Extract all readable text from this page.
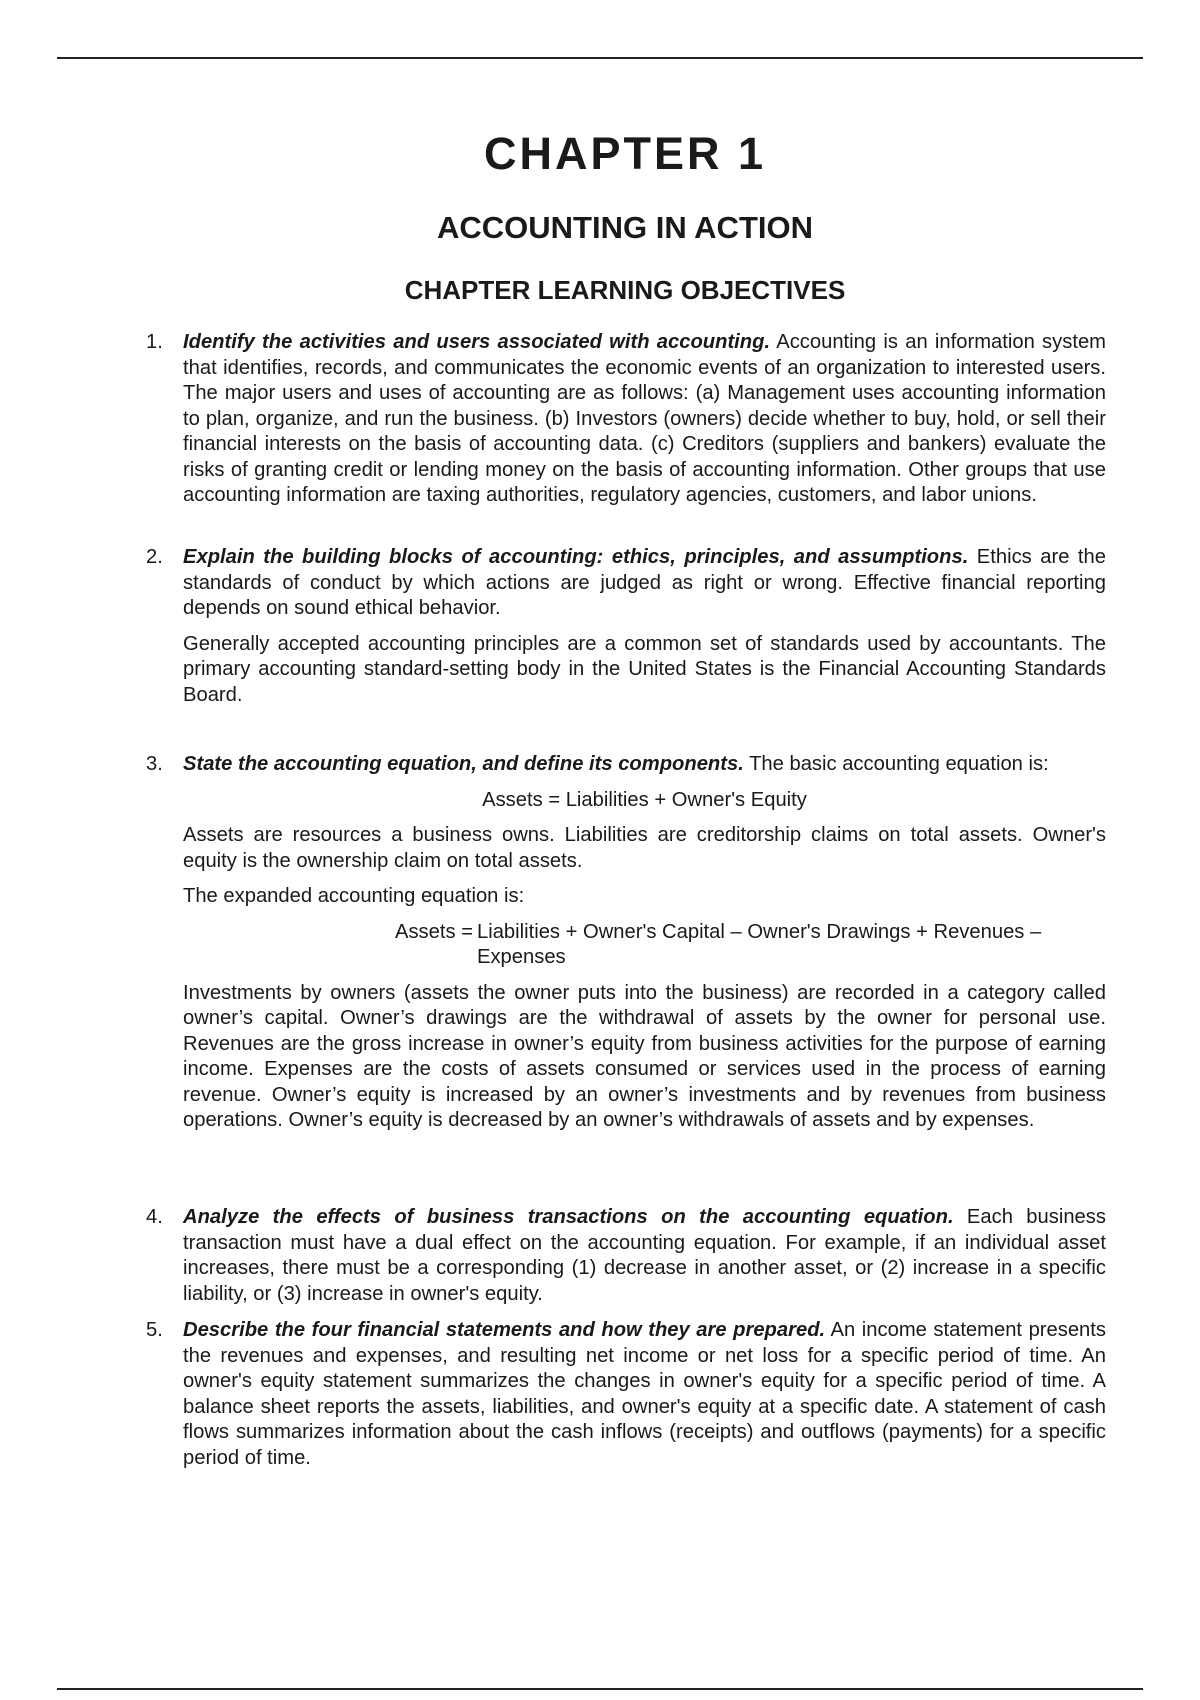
CHAPTER 1
ACCOUNTING IN ACTION
CHAPTER LEARNING OBJECTIVES
1. Identify the activities and users associated with accounting. Accounting is an information system that identifies, records, and communicates the economic events of an organization to interested users. The major users and uses of accounting are as follows: (a) Management uses accounting information to plan, organize, and run the business. (b) Investors (owners) decide whether to buy, hold, or sell their financial interests on the basis of accounting data. (c) Creditors (suppliers and bankers) evaluate the risks of granting credit or lending money on the basis of accounting information. Other groups that use accounting information are taxing authorities, regulatory agencies, customers, and labor unions.

2. Explain the building blocks of accounting: ethics, principles, and assumptions. Ethics are the standards of conduct by which actions are judged as right or wrong. Effective financial reporting depends on sound ethical behavior.

Generally accepted accounting principles are a common set of standards used by accountants. The primary accounting standard-setting body in the United States is the Financial Accounting Standards Board.

3. State the accounting equation, and define its components. The basic accounting equation is:

Assets = Liabilities + Owner's Equity

Assets are resources a business owns. Liabilities are creditorship claims on total assets. Owner's equity is the ownership claim on total assets.

The expanded accounting equation is:

Assets = Liabilities + Owner's Capital – Owner's Drawings + Revenues – Expenses

Investments by owners (assets the owner puts into the business) are recorded in a category called owner’s capital. Owner’s drawings are the withdrawal of assets by the owner for personal use. Revenues are the gross increase in owner’s equity from business activities for the purpose of earning income. Expenses are the costs of assets consumed or services used in the process of earning revenue. Owner’s equity is increased by an owner’s investments and by revenues from business operations. Owner’s equity is decreased by an owner’s withdrawals of assets and by expenses.

4. Analyze the effects of business transactions on the accounting equation. Each business transaction must have a dual effect on the accounting equation. For example, if an individual asset increases, there must be a corresponding (1) decrease in another asset, or (2) increase in a specific liability, or (3) increase in owner's equity.

5. Describe the four financial statements and how they are prepared. An income statement presents the revenues and expenses, and resulting net income or net loss for a specific period of time. An owner's equity statement summarizes the changes in owner's equity for a specific period of time. A balance sheet reports the assets, liabilities, and owner's equity at a specific date. A statement of cash flows summarizes information about the cash inflows (receipts) and outflows (payments) for a specific period of time.
